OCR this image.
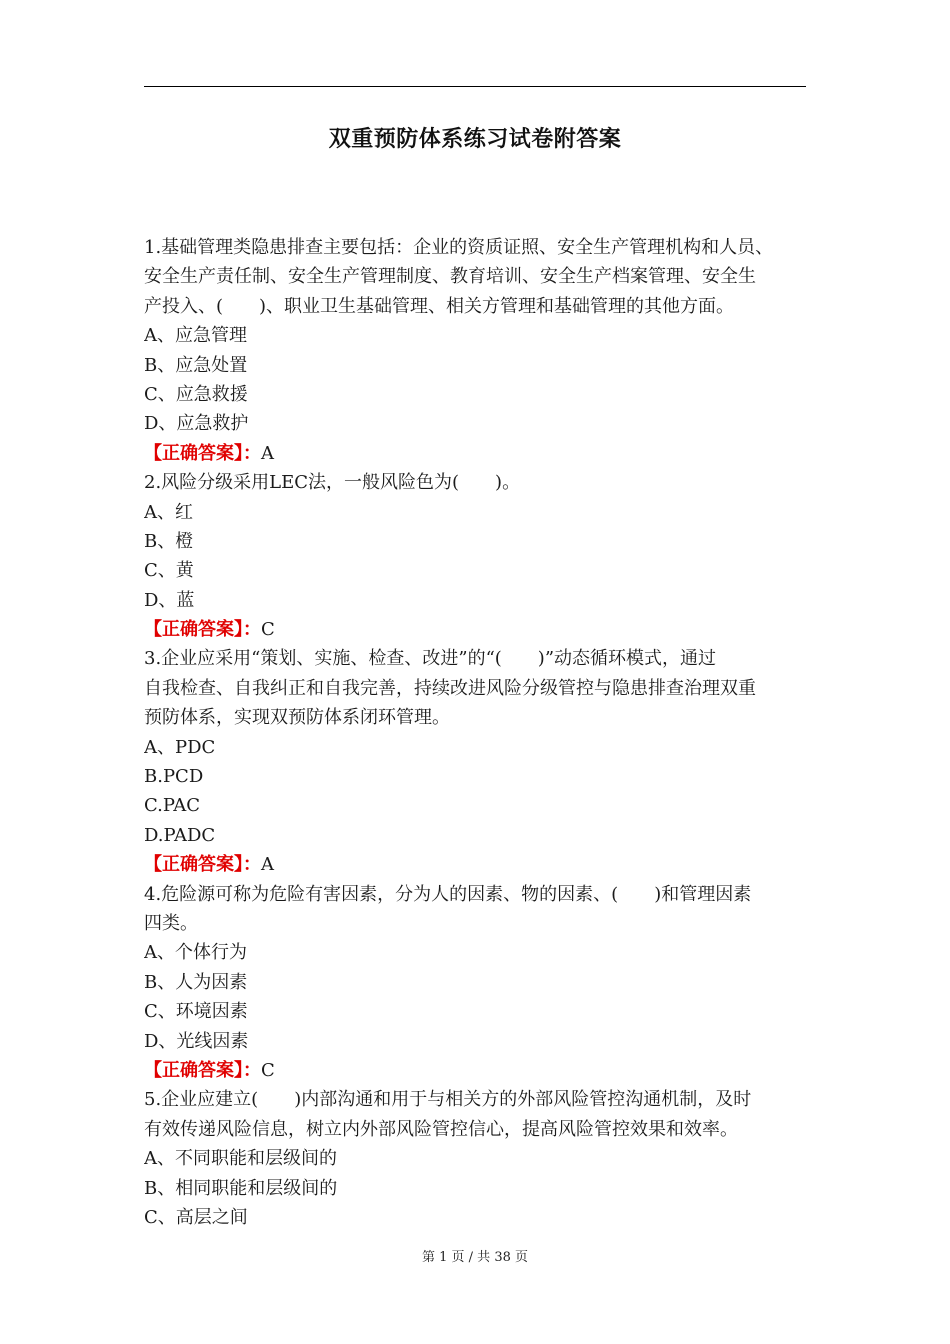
双重预防体系练习试卷附答案
1.基础管理类隐患排查主要包括：企业的资质证照、安全生产管理机构和人员、
安全生产责任制、安全生产管理制度、教育培训、安全生产档案管理、安全生
产投入、(　　)、职业卫生基础管理、相关方管理和基础管理的其他方面。
A、应急管理
B、应急处置
C、应急救援
D、应急救护
【正确答案】：A
2.风险分级采用LEC法，一般风险色为(　　)。
A、红
B、橙
C、黄
D、蓝
【正确答案】：C
3.企业应采用“策划、实施、检查、改进”的“(　　)”动态循环模式，通过
自我检查、自我纠正和自我完善，持续改进风险分级管控与隐患排查治理双重
预防体系，实现双预防体系闭环管理。
A、PDC
B.PCD
C.PAC
D.PADC
【正确答案】：A
4.危险源可称为危险有害因素，分为人的因素、物的因素、(　　)和管理因素
四类。
A、个体行为
B、人为因素
C、环境因素
D、光线因素
【正确答案】：C
5.企业应建立(　　)内部沟通和用于与相关方的外部风险管控沟通机制，及时
有效传递风险信息，树立内外部风险管控信心，提高风险管控效果和效率。
A、不同职能和层级间的
B、相同职能和层级间的
C、高层之间
第 1 页 / 共 38 页
